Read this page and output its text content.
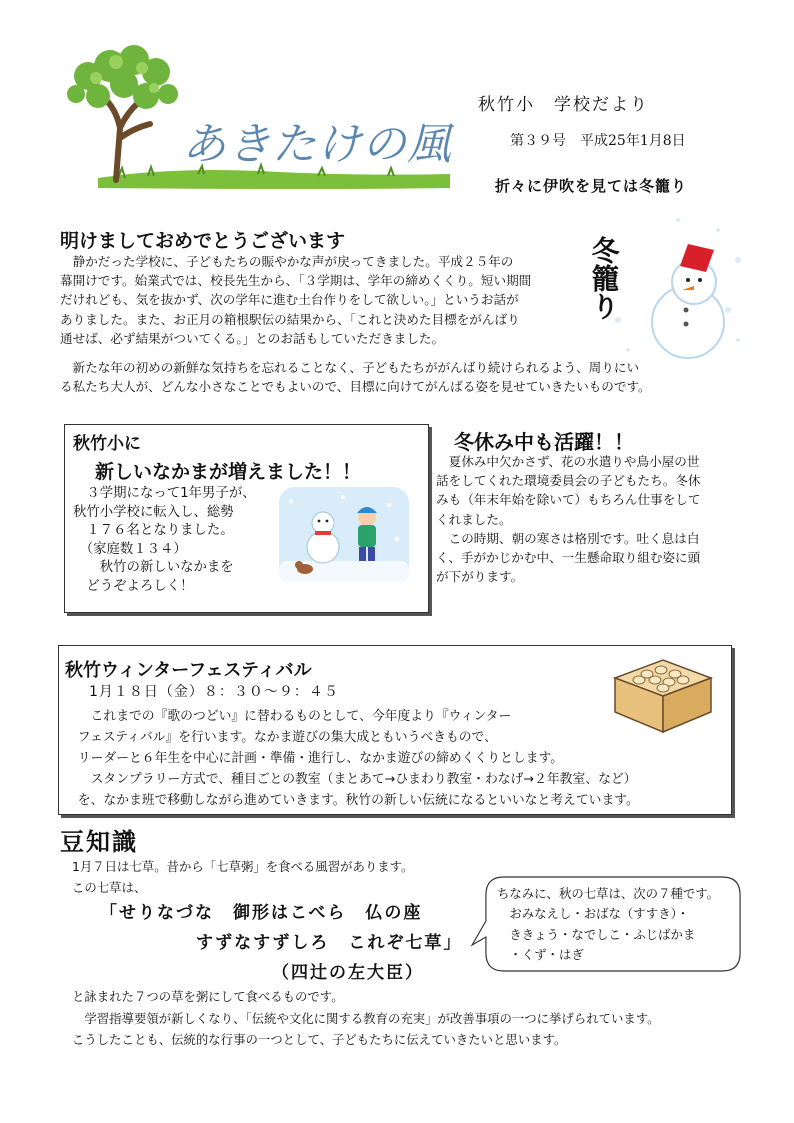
あきたけの風
秋竹小　学校だより
第３９号　平成25年1月8日
折々に伊吹を見ては冬籠り
冬籠り
明けましておめでとうございます
　静かだった学校に、子どもたちの賑やかな声が戻ってきました。平成２５年の
幕開けです。始業式では、校長先生から、「３学期は、学年の締めくくり。短い期間
だけれども、気を抜かず、次の学年に進む土台作りをして欲しい。」というお話が
ありました。また、お正月の箱根駅伝の結果から、「これと決めた目標をがんばり
通せば、必ず結果がついてくる。」とのお話もしていただきました。
　新たな年の初めの新鮮な気持ちを忘れることなく、子どもたちががんばり続けられるよう、周りにい
る私たち大人が、どんな小さなことでもよいので、目標に向けてがんばる姿を見せていきたいものです。
秋竹小に
新しいなかまが増えました！！
　３学期になって1年男子が、
秋竹小学校に転入し、総勢
　１７６名となりました。
　（家庭数１３４）
　　秋竹の新しいなかまを
　どうぞよろしく！
冬休み中も活躍！！
　夏休み中欠かさず、花の水遣りや鳥小屋の世
話をしてくれた環境委員会の子どもたち。冬休
みも（年末年始を除いて）もちろん仕事をして
くれました。
　この時期、朝の寒さは格別です。吐く息は白
く、手がかじかむ中、一生懸命取り組む姿に頭
が下がります。
秋竹ウィンターフェスティバル
1月１８日（金）８：３０～９：４５
　　これまでの『歌のつどい』に替わるものとして、今年度より『ウィンター
　フェスティバル』を行います。なかま遊びの集大成ともいうべきもので、
　リーダーと６年生を中心に計画・準備・進行し、なかま遊びの締めくくりとします。
　　スタンプラリー方式で、種目ごとの教室（まとあて→ひまわり教室・わなげ→２年教室、など）
　を、なかま班で移動しながら進めていきます。秋竹の新しい伝統になるといいなと考えています。
豆知識
1月７日は七草。昔から「七草粥」を食べる風習があります。
この七草は、
「せりなづな　御形はこべら　仏の座
すずなすずしろ　これぞ七草」
（四辻の左大臣）
ちなみに、秋の七草は、次の７種です。
　おみなえし・おばな（すすき）・
　ききょう・なでしこ・ふじばかま
　・くず・はぎ
と詠まれた７つの草を粥にして食べるものです。
　学習指導要領が新しくなり、「伝統や文化に関する教育の充実」が改善事項の一つに挙げられています。
こうしたことも、伝統的な行事の一つとして、子どもたちに伝えていきたいと思います。
